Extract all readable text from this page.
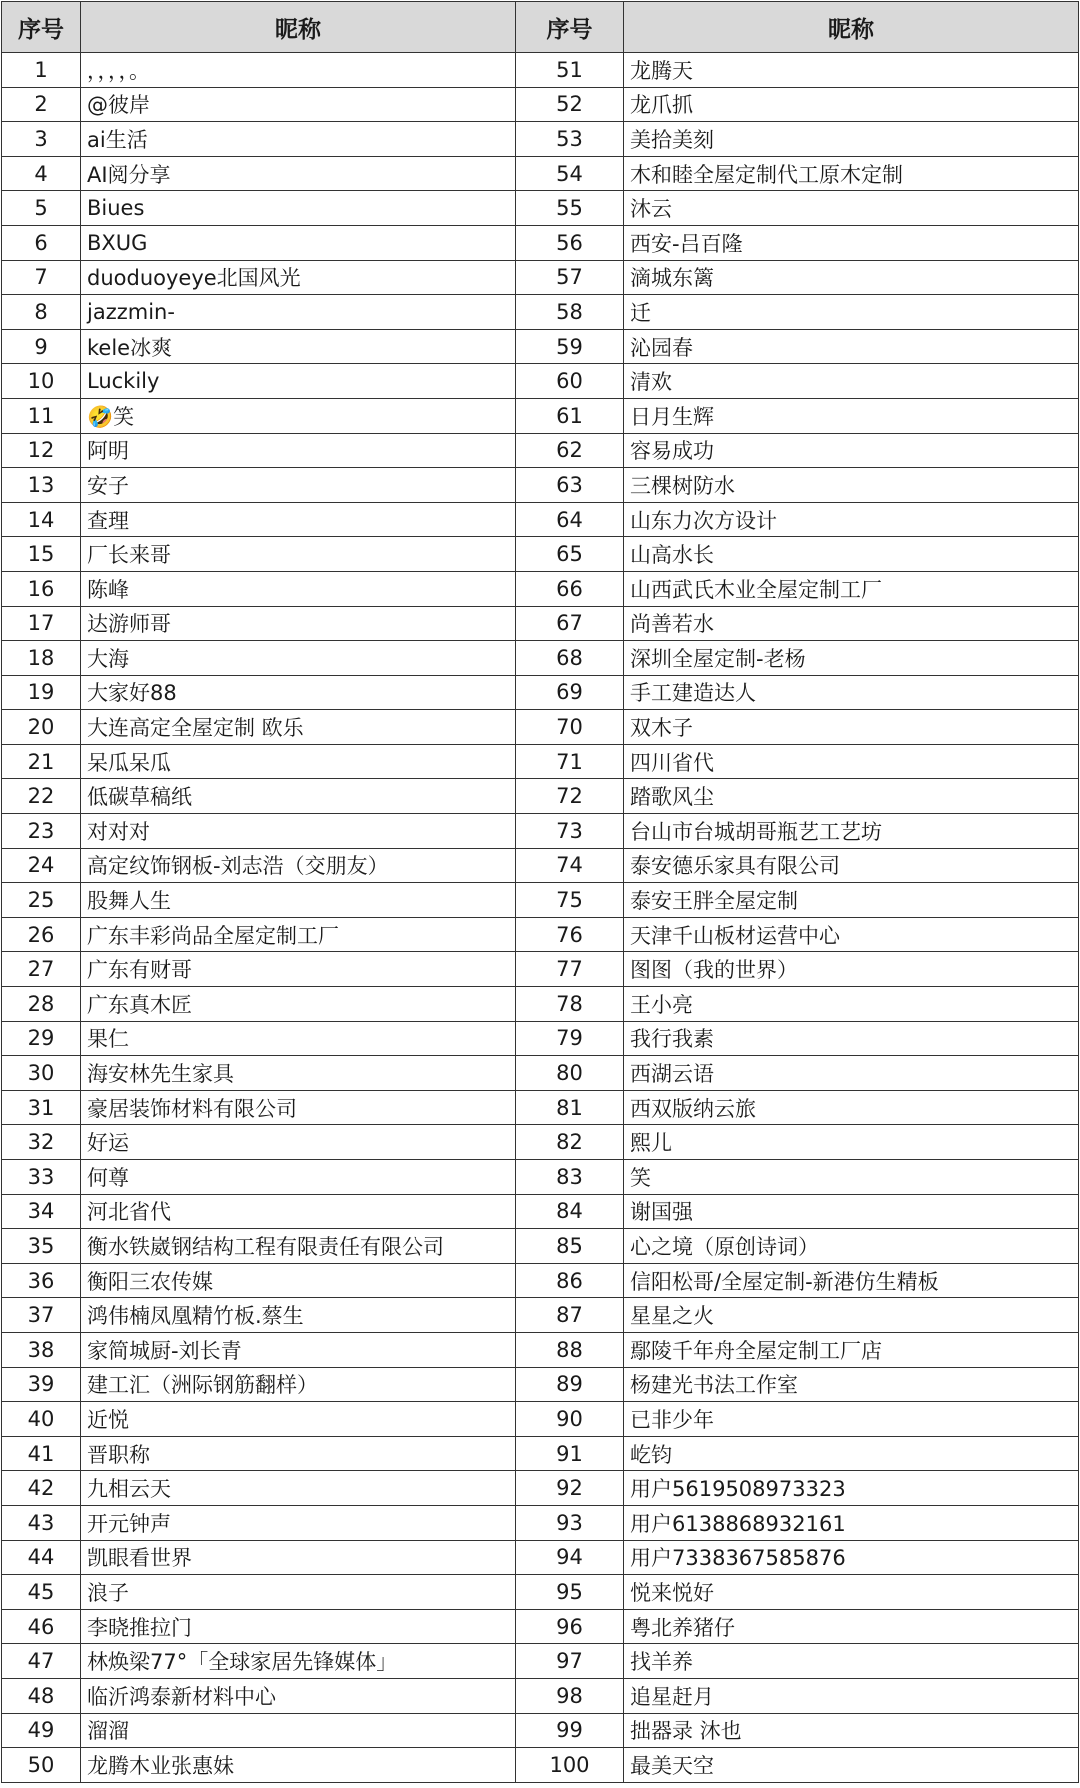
序号	昵称	序号	昵称
1	，，，，。	51	龙腾天
2	@彼岸	52	龙爪抓
3	ai生活	53	美拾美刻
4	AI阅分享	54	木和睦全屋定制代工原木定制
5	Biues	55	沐云
6	BXUG	56	西安-吕百隆
7	duoduoyeye北国风光	57	滴城东篱
8	jazzmin-	58	迁
9	kele冰爽	59	沁园春
10	Luckily	60	清欢
11	🤣笑	61	日月生辉
12	阿明	62	容易成功
13	安子	63	三棵树防水
14	查理	64	山东力次方设计
15	厂长来哥	65	山高水长
16	陈峰	66	山西武氏木业全屋定制工厂
17	达游师哥	67	尚善若水
18	大海	68	深圳全屋定制-老杨
19	大家好88	69	手工建造达人
20	大连高定全屋定制 欧乐	70	双木子
21	呆瓜呆瓜	71	四川省代
22	低碳草稿纸	72	踏歌风尘
23	对对对	73	台山市台城胡哥瓶艺工艺坊
24	高定纹饰钢板-刘志浩（交朋友）	74	泰安德乐家具有限公司
25	股舞人生	75	泰安王胖全屋定制
26	广东丰彩尚品全屋定制工厂	76	天津千山板材运营中心
27	广东有财哥	77	图图（我的世界）
28	广东真木匠	78	王小亮
29	果仁	79	我行我素
30	海安林先生家具	80	西湖云语
31	豪居装饰材料有限公司	81	西双版纳云旅
32	好运	82	熙儿
33	何尊	83	笑
34	河北省代	84	谢国强
35	衡水铁崴钢结构工程有限责任有限公司	85	心之境（原创诗词）
36	衡阳三农传媒	86	信阳松哥/全屋定制-新港仿生精板
37	鸿伟楠凤凰精竹板.蔡生	87	星星之火
38	家简城厨-刘长青	88	鄢陵千年舟全屋定制工厂店
39	建工汇（洲际钢筋翻样）	89	杨建光书法工作室
40	近悦	90	已非少年
41	晋职称	91	屹钧
42	九相云天	92	用户5619508973323
43	开元钟声	93	用户6138868932161
44	凯眼看世界	94	用户7338367585876
45	浪子	95	悦来悦好
46	李晓推拉门	96	粤北养猪仔
47	林焕梁77°「全球家居先锋媒体」	97	找羊养
48	临沂鸿泰新材料中心	98	追星赶月
49	溜溜	99	拙器录 沐也
50	龙腾木业张惠妹	100	最美天空
